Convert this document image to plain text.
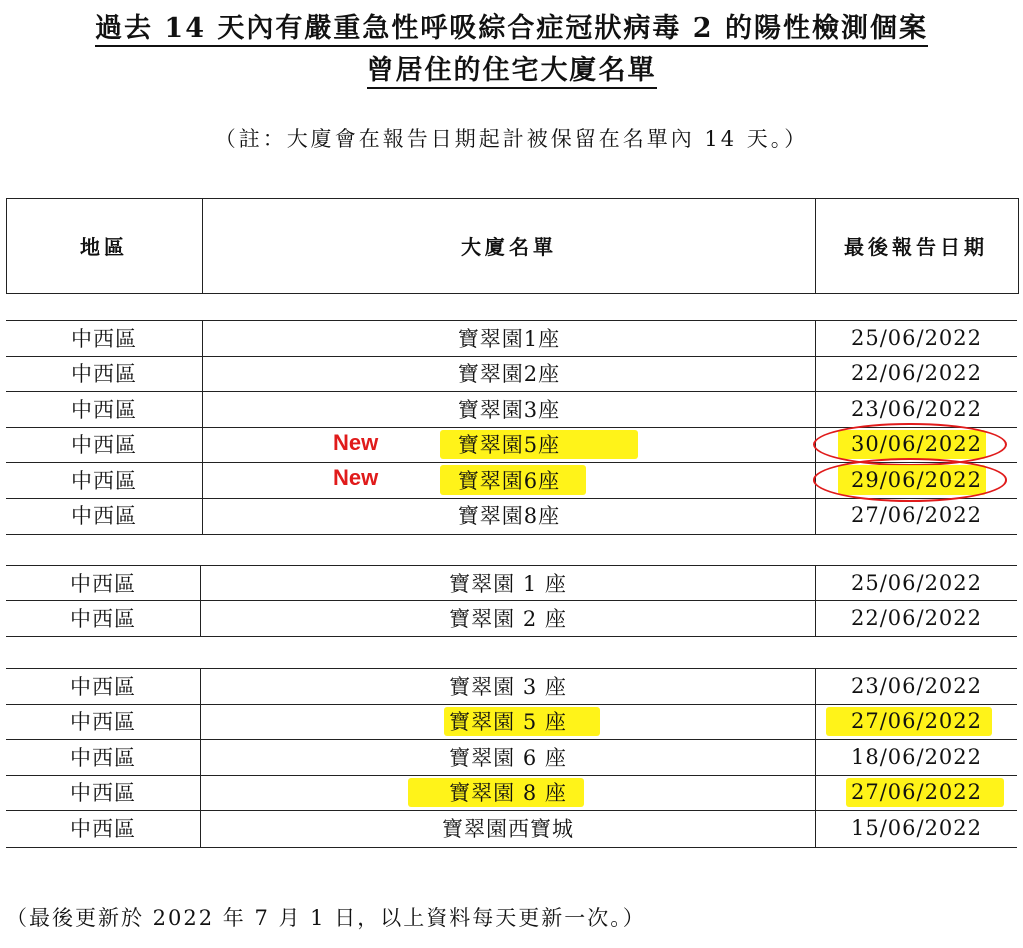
過去 14 天內有嚴重急性呼吸綜合症冠狀病毒 2 的陽性檢測個案
曾居住的住宅大廈名單
（註：大廈會在報告日期起計被保留在名單內 14 天。）
地區	大廈名單	最後報告日期
中西區	寶翠園1座	25/06/2022
中西區	寶翠園2座	22/06/2022
中西區	寶翠園3座	23/06/2022
中西區	寶翠園5座	30/06/2022
New
中西區	寶翠園6座	29/06/2022
New
中西區	寶翠園8座	27/06/2022
中西區	寶翠園 1 座	25/06/2022
中西區	寶翠園 2 座	22/06/2022
中西區	寶翠園 3 座	23/06/2022
中西區	寶翠園 5 座	27/06/2022
中西區	寶翠園 6 座	18/06/2022
中西區	寶翠園 8 座	27/06/2022
中西區	寶翠園西寶城	15/06/2022
（最後更新於 2022 年 7 月 1 日，以上資料每天更新一次。）
